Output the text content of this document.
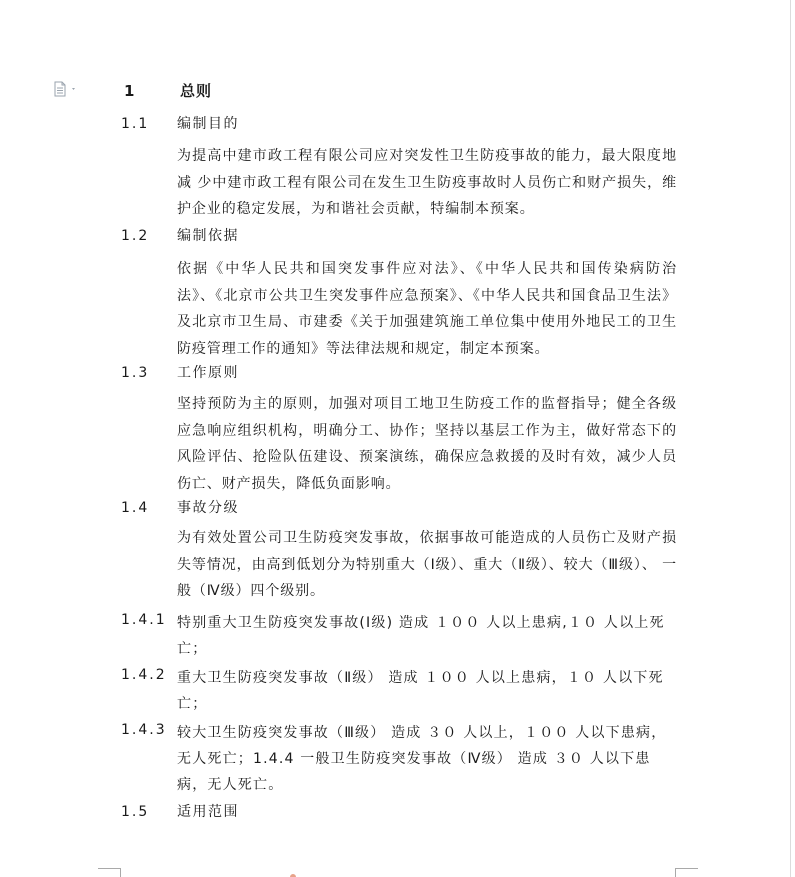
1	总则
1.1 编制目的
为提高中建市政工程有限公司应对突发性卫生防疫事故的能力，最大限度地减 少中建市政工程有限公司在发生卫生防疫事故时人员伤亡和财产损失，维护企业的稳定发展，为和谐社会贡献，特编制本预案。
1.2 编制依据
依据《中华人民共和国突发事件应对法》、《中华人民共和国传染病防治法》、《北京市公共卫生突发事件应急预案》、《中华人民共和国食品卫生法》及北京市卫生局、市建委《关于加强建筑施工单位集中使用外地民工的卫生防疫管理工作的通知》等法律法规和规定，制定本预案。
1.3 工作原则
坚持预防为主的原则，加强对项目工地卫生防疫工作的监督指导；健全各级应急响应组织机构，明确分工、协作；坚持以基层工作为主，做好常态下的风险评估、抢险队伍建设、预案演练，确保应急救援的及时有效，减少人员伤亡、财产损失，降低负面影响。
1.4 事故分级
为有效处置公司卫生防疫突发事故，依据事故可能造成的人员伤亡及财产损失等情况，由高到低划分为特别重大（Ⅰ级）、重大（Ⅱ级）、较大（Ⅲ级）、 一般（Ⅳ级）四个级别。
1.4.1 特别重大卫生防疫突发事故(Ⅰ级) 造成 １００ 人以上患病,１０ 人以上死亡；
1.4.2 重大卫生防疫突发事故（Ⅱ级） 造成 １００ 人以上患病，１０ 人以下死亡；
1.4.3 较大卫生防疫突发事故（Ⅲ级） 造成 ３０ 人以上，１００ 人以下患病，无人死亡；1.4.4 一般卫生防疫突发事故（Ⅳ级） 造成 ３０ 人以下患病，无人死亡。
1.5 适用范围
